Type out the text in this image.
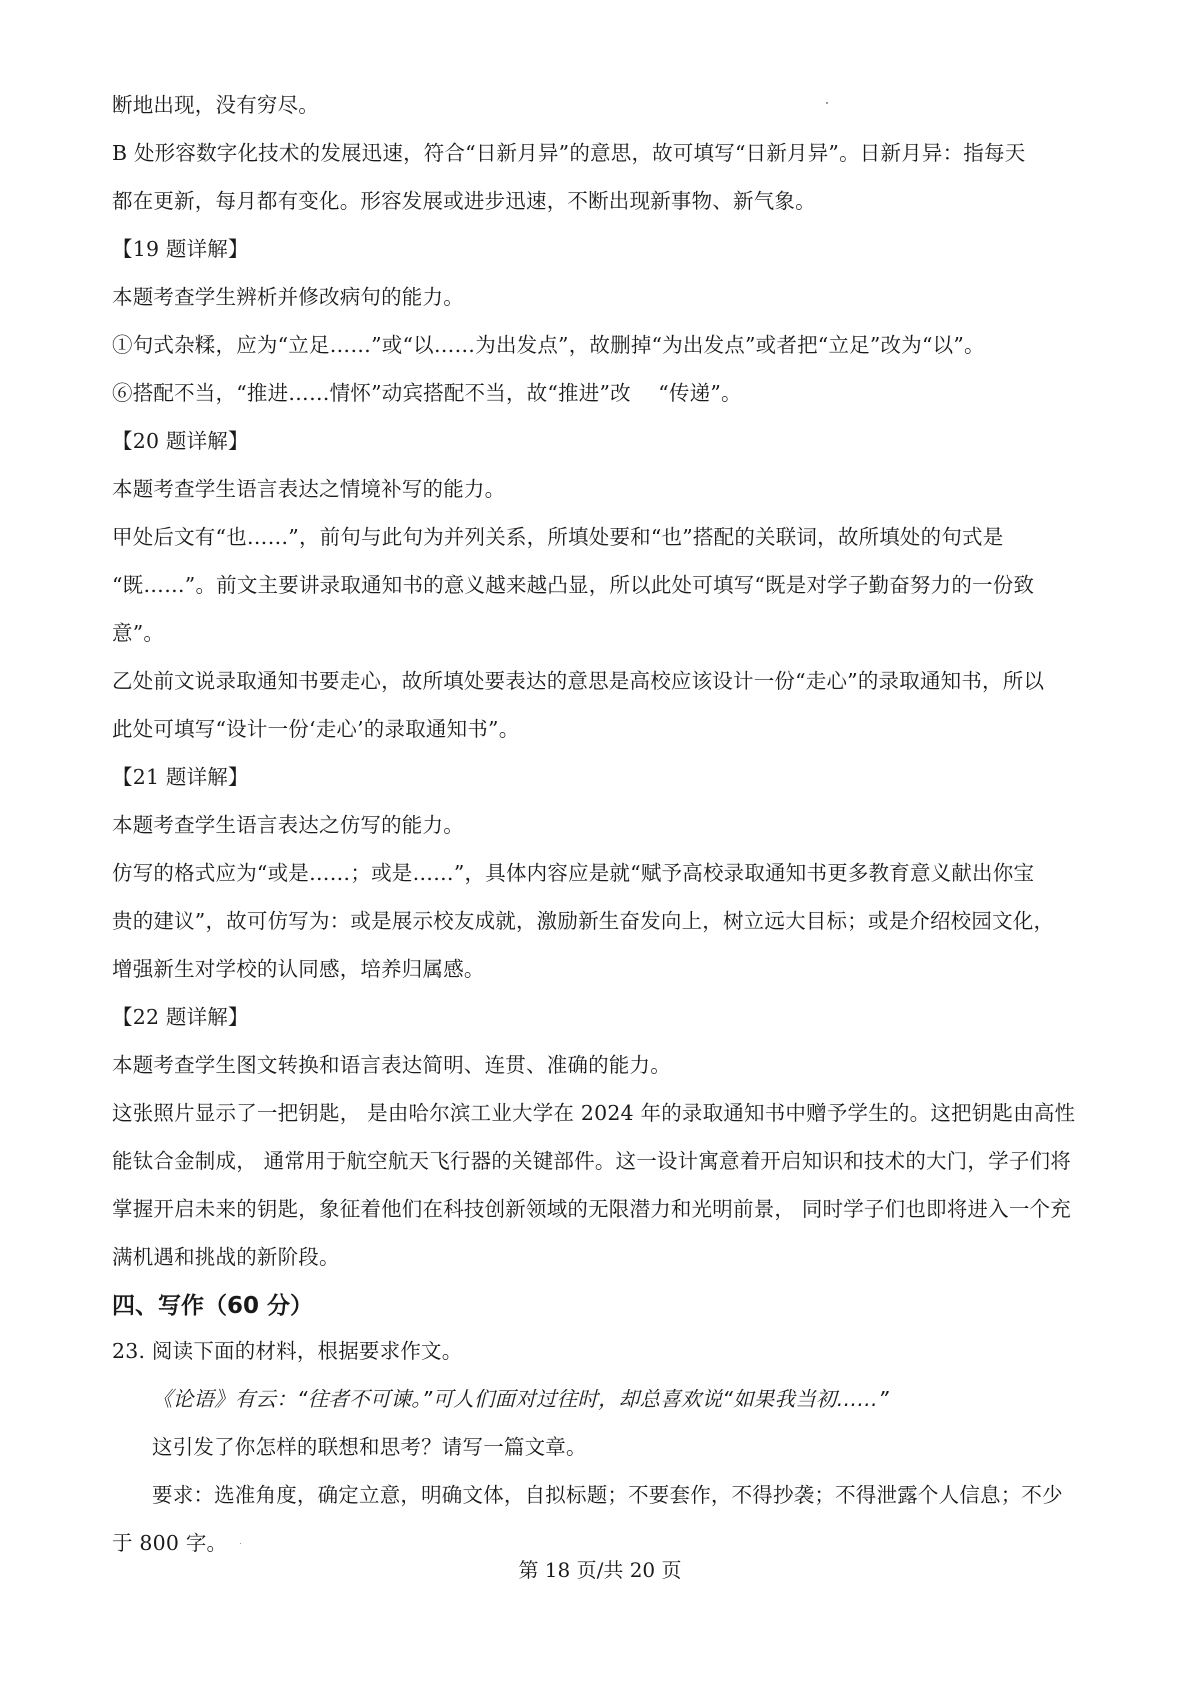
断地出现，没有穷尽。

B 处形容数字化技术的发展迅速，符合“日新月异”的意思，故可填写“日新月异”。日新月异：指每天

都在更新，每月都有变化。形容发展或进步迅速，不断出现新事物、新气象。

【19 题详解】

本题考查学生辨析并修改病句的能力。

①句式杂糅，应为“立足……”或“以……为出发点”，故删掉“为出发点”或者把“立足”改为“以”。

⑥搭配不当，“推进……情怀”动宾搭配不当，故“推进”改　 “传递”。

【20 题详解】

本题考查学生语言表达之情境补写的能力。

甲处后文有“也……”，前句与此句为并列关系，所填处要和“也”搭配的关联词，故所填处的句式是

“既……”。前文主要讲录取通知书的意义越来越凸显，所以此处可填写“既是对学子勤奋努力的一份致

意”。

乙处前文说录取通知书要走心，故所填处要表达的意思是高校应该设计一份“走心”的录取通知书，所以

此处可填写“设计一份‘走心’的录取通知书”。

【21 题详解】

本题考查学生语言表达之仿写的能力。

仿写的格式应为“或是……；或是……”，具体内容应是就“赋予高校录取通知书更多教育意义献出你宝

贵的建议”，故可仿写为：或是展示校友成就，激励新生奋发向上，树立远大目标；或是介绍校园文化，

增强新生对学校的认同感，培养归属感。

【22 题详解】

本题考查学生图文转换和语言表达简明、连贯、准确的能力。

这张照片显示了一把钥匙， 是由哈尔滨工业大学在 2024 年的录取通知书中赠予学生的。这把钥匙由高性

能钛合金制成， 通常用于航空航天飞行器的关键部件。这一设计寓意着开启知识和技术的大门，学子们将

掌握开启未来的钥匙，象征着他们在科技创新领域的无限潜力和光明前景， 同时学子们也即将进入一个充

满机遇和挑战的新阶段。

四、写作（60 分）

23. 阅读下面的材料，根据要求作文。

《论语》有云：“往者不可谏。”可人们面对过往时，却总喜欢说“如果我当初……”

这引发了你怎样的联想和思考？请写一篇文章。

要求：选准角度，确定立意，明确文体，自拟标题；不要套作，不得抄袭；不得泄露个人信息；不少

于 800 字。

第 18 页/共 20 页
